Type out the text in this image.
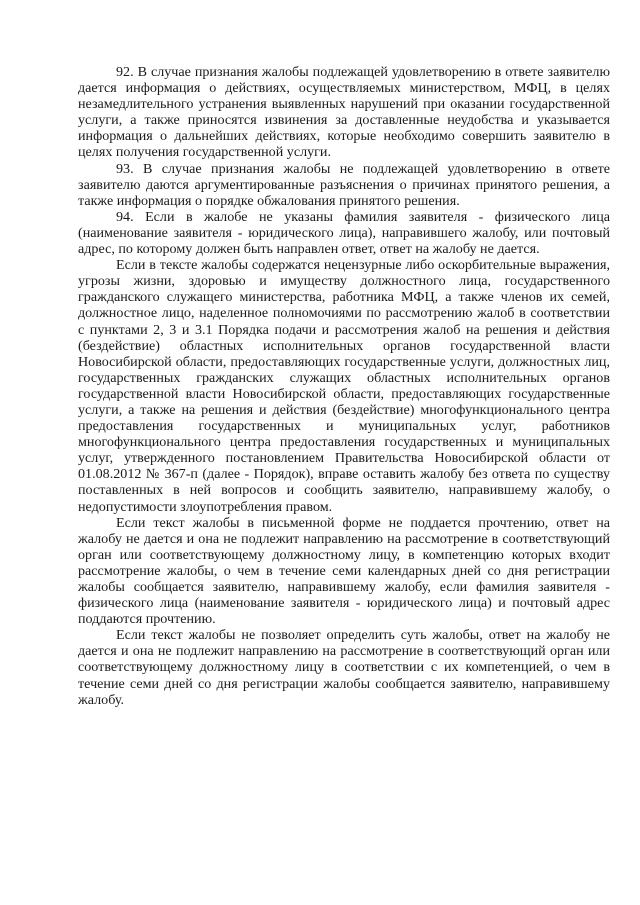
92. В случае признания жалобы подлежащей удовлетворению в ответе заявителю дается информация о действиях, осуществляемых министерством, МФЦ, в целях незамедлительного устранения выявленных нарушений при оказании государственной услуги, а также приносятся извинения за доставленные неудобства и указывается информация о дальнейших действиях, которые необходимо совершить заявителю в целях получения государственной услуги.

93. В случае признания жалобы не подлежащей удовлетворению в ответе заявителю даются аргументированные разъяснения о причинах принятого решения, а также информация о порядке обжалования принятого решения.

94. Если в жалобе не указаны фамилия заявителя - физического лица (наименование заявителя - юридического лица), направившего жалобу, или почтовый адрес, по которому должен быть направлен ответ, ответ на жалобу не дается.

Если в тексте жалобы содержатся нецензурные либо оскорбительные выражения, угрозы жизни, здоровью и имуществу должностного лица, государственного гражданского служащего министерства, работника МФЦ, а также членов их семей, должностное лицо, наделенное полномочиями по рассмотрению жалоб в соответствии с пунктами 2, 3 и 3.1 Порядка подачи и рассмотрения жалоб на решения и действия (бездействие) областных исполнительных органов государственной власти Новосибирской области, предоставляющих государственные услуги, должностных лиц, государственных гражданских служащих областных исполнительных органов государственной власти Новосибирской области, предоставляющих государственные услуги, а также на решения и действия (бездействие) многофункционального центра предоставления государственных и муниципальных услуг, работников многофункционального центра предоставления государственных и муниципальных услуг, утвержденного постановлением Правительства Новосибирской области от 01.08.2012 № 367-п (далее - Порядок), вправе оставить жалобу без ответа по существу поставленных в ней вопросов и сообщить заявителю, направившему жалобу, о недопустимости злоупотребления правом.

Если текст жалобы в письменной форме не поддается прочтению, ответ на жалобу не дается и она не подлежит направлению на рассмотрение в соответствующий орган или соответствующему должностному лицу, в компетенцию которых входит рассмотрение жалобы, о чем в течение семи календарных дней со дня регистрации жалобы сообщается заявителю, направившему жалобу, если фамилия заявителя - физического лица (наименование заявителя - юридического лица) и почтовый адрес поддаются прочтению.

Если текст жалобы не позволяет определить суть жалобы, ответ на жалобу не дается и она не подлежит направлению на рассмотрение в соответствующий орган или соответствующему должностному лицу в соответствии с их компетенцией, о чем в течение семи дней со дня регистрации жалобы сообщается заявителю, направившему жалобу.
